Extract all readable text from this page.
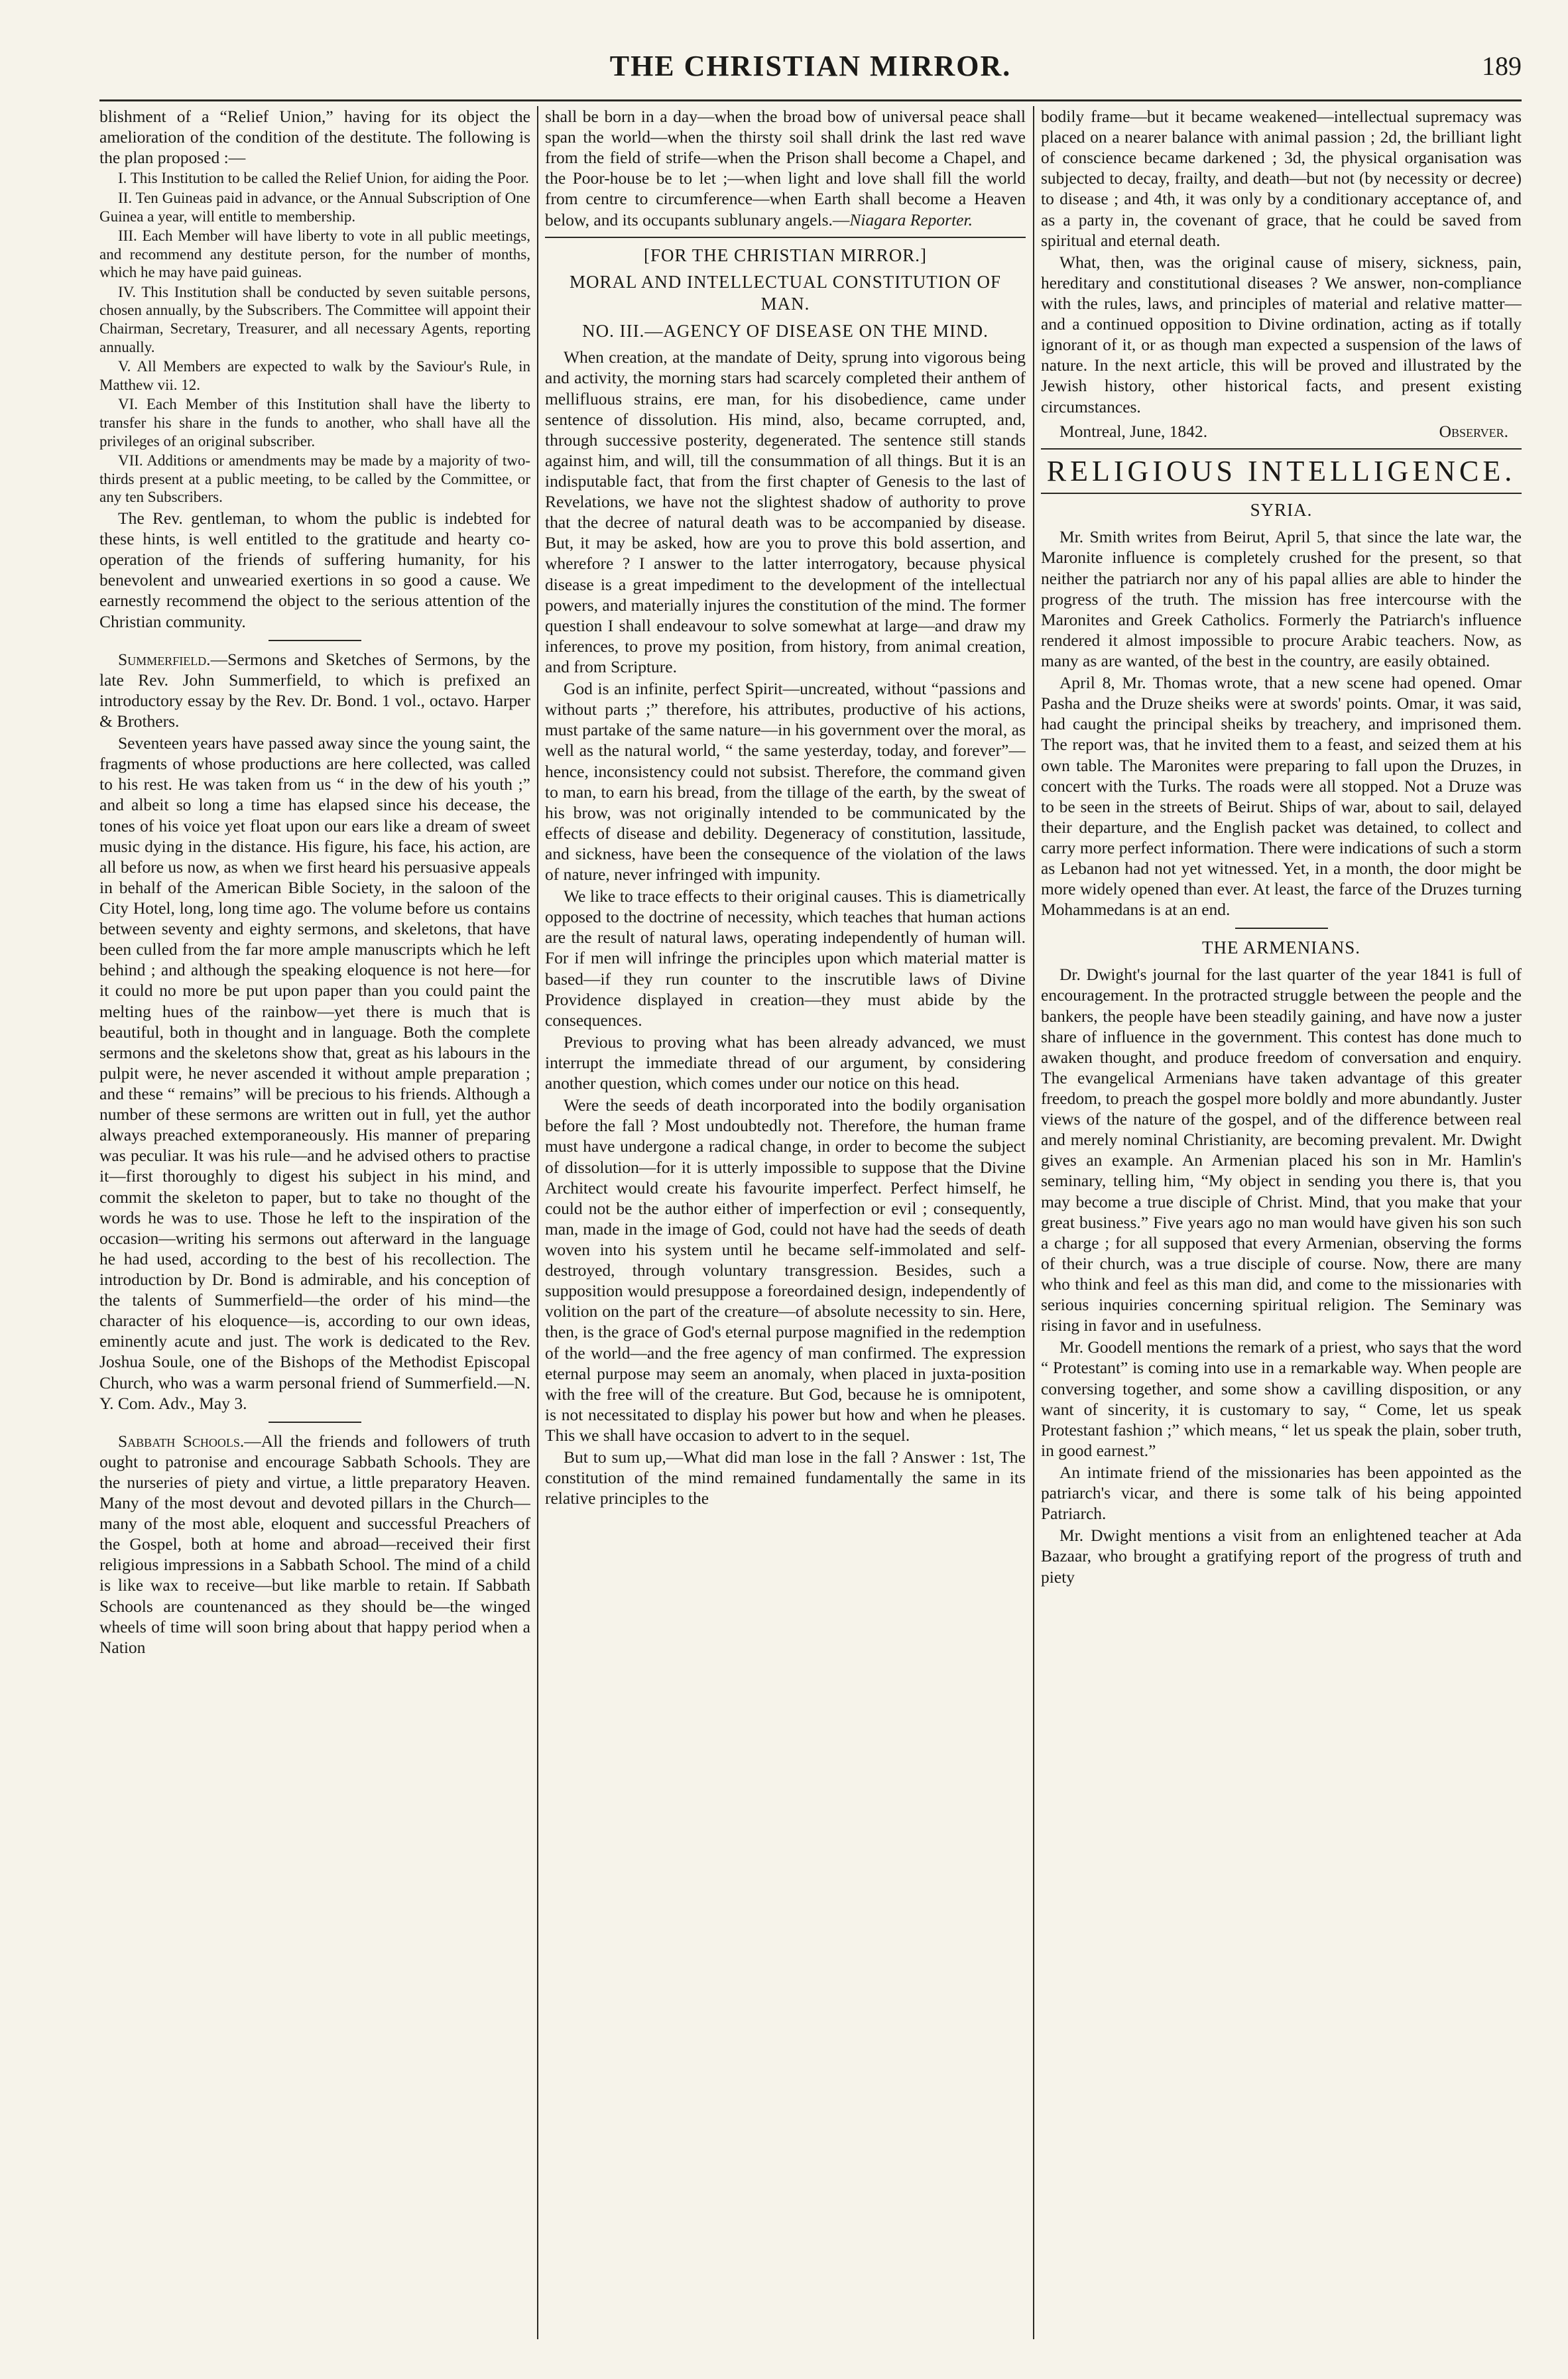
THE CHRISTIAN MIRROR.	189

blishment of a “Relief Union,” having for its object the amelioration of the condition of the destitute. The following is the plan proposed :—

I. This Institution to be called the Relief Union, for aiding the Poor.

II. Ten Guineas paid in advance, or the Annual Subscription of One Guinea a year, will entitle to membership.

III. Each Member will have liberty to vote in all public meetings, and recommend any destitute person, for the number of months, which he may have paid guineas.

IV. This Institution shall be conducted by seven suitable persons, chosen annually, by the Subscribers. The Committee will appoint their Chairman, Secretary, Treasurer, and all necessary Agents, reporting annually.

V. All Members are expected to walk by the Saviour's Rule, in Matthew vii. 12.

VI. Each Member of this Institution shall have the liberty to transfer his share in the funds to another, who shall have all the privileges of an original subscriber.

VII. Additions or amendments may be made by a majority of two-thirds present at a public meeting, to be called by the Committee, or any ten Subscribers.

The Rev. gentleman, to whom the public is indebted for these hints, is well entitled to the gratitude and hearty co-operation of the friends of suffering humanity, for his benevolent and unwearied exertions in so good a cause. We earnestly recommend the object to the serious attention of the Christian community.

Summerfield.—Sermons and Sketches of Sermons, by the late Rev. John Summerfield, to which is prefixed an introductory essay by the Rev. Dr. Bond. 1 vol., octavo. Harper & Brothers.

Seventeen years have passed away since the young saint, the fragments of whose productions are here collected, was called to his rest. He was taken from us “ in the dew of his youth ;” and albeit so long a time has elapsed since his decease, the tones of his voice yet float upon our ears like a dream of sweet music dying in the distance. His figure, his face, his action, are all before us now, as when we first heard his persuasive appeals in behalf of the American Bible Society, in the saloon of the City Hotel, long, long time ago. The volume before us contains between seventy and eighty sermons, and skeletons, that have been culled from the far more ample manuscripts which he left behind ; and although the speaking eloquence is not here—for it could no more be put upon paper than you could paint the melting hues of the rainbow—yet there is much that is beautiful, both in thought and in language. Both the complete sermons and the skeletons show that, great as his labours in the pulpit were, he never ascended it without ample preparation ; and these “ remains” will be precious to his friends. Although a number of these sermons are written out in full, yet the author always preached extemporaneously. His manner of preparing was peculiar. It was his rule—and he advised others to practise it—first thoroughly to digest his subject in his mind, and commit the skeleton to paper, but to take no thought of the words he was to use. Those he left to the inspiration of the occasion—writing his sermons out afterward in the language he had used, according to the best of his recollection. The introduction by Dr. Bond is admirable, and his conception of the talents of Summerfield—the order of his mind—the character of his eloquence—is, according to our own ideas, eminently acute and just. The work is dedicated to the Rev. Joshua Soule, one of the Bishops of the Methodist Episcopal Church, who was a warm personal friend of Summerfield.—N. Y. Com. Adv., May 3.

Sabbath Schools.—All the friends and followers of truth ought to patronise and encourage Sabbath Schools. They are the nurseries of piety and virtue, a little preparatory Heaven. Many of the most devout and devoted pillars in the Church—many of the most able, eloquent and successful Preachers of the Gospel, both at home and abroad—received their first religious impressions in a Sabbath School. The mind of a child is like wax to receive—but like marble to retain. If Sabbath Schools are countenanced as they should be—the winged wheels of time will soon bring about that happy period when a Nation

shall be born in a day—when the broad bow of universal peace shall span the world—when the thirsty soil shall drink the last red wave from the field of strife—when the Prison shall become a Chapel, and the Poor-house be to let ;—when light and love shall fill the world from centre to circumference—when Earth shall become a Heaven below, and its occupants sublunary angels.—Niagara Reporter.

[FOR THE CHRISTIAN MIRROR.]
MORAL AND INTELLECTUAL CONSTITUTION OF MAN.
NO. III.—AGENCY OF DISEASE ON THE MIND.

When creation, at the mandate of Deity, sprung into vigorous being and activity, the morning stars had scarcely completed their anthem of mellifluous strains, ere man, for his disobedience, came under sentence of dissolution. His mind, also, became corrupted, and, through successive posterity, degenerated. The sentence still stands against him, and will, till the consummation of all things. But it is an indisputable fact, that from the first chapter of Genesis to the last of Revelations, we have not the slightest shadow of authority to prove that the decree of natural death was to be accompanied by disease. But, it may be asked, how are you to prove this bold assertion, and wherefore ? I answer to the latter interrogatory, because physical disease is a great impediment to the development of the intellectual powers, and materially injures the constitution of the mind. The former question I shall endeavour to solve somewhat at large—and draw my inferences, to prove my position, from history, from animal creation, and from Scripture.

God is an infinite, perfect Spirit—uncreated, without “passions and without parts ;” therefore, his attributes, productive of his actions, must partake of the same nature—in his government over the moral, as well as the natural world, “ the same yesterday, today, and forever”—hence, inconsistency could not subsist. Therefore, the command given to man, to earn his bread, from the tillage of the earth, by the sweat of his brow, was not originally intended to be communicated by the effects of disease and debility. Degeneracy of constitution, lassitude, and sickness, have been the consequence of the violation of the laws of nature, never infringed with impunity.

We like to trace effects to their original causes. This is diametrically opposed to the doctrine of necessity, which teaches that human actions are the result of natural laws, operating independently of human will. For if men will infringe the principles upon which material matter is based—if they run counter to the inscrutible laws of Divine Providence displayed in creation—they must abide by the consequences.

Previous to proving what has been already advanced, we must interrupt the immediate thread of our argument, by considering another question, which comes under our notice on this head.

Were the seeds of death incorporated into the bodily organisation before the fall ? Most undoubtedly not. Therefore, the human frame must have undergone a radical change, in order to become the subject of dissolution—for it is utterly impossible to suppose that the Divine Architect would create his favourite imperfect. Perfect himself, he could not be the author either of imperfection or evil ; consequently, man, made in the image of God, could not have had the seeds of death woven into his system until he became self-immolated and self-destroyed, through voluntary transgression. Besides, such a supposition would presuppose a foreordained design, independently of volition on the part of the creature—of absolute necessity to sin. Here, then, is the grace of God's eternal purpose magnified in the redemption of the world—and the free agency of man confirmed. The expression eternal purpose may seem an anomaly, when placed in juxta-position with the free will of the creature. But God, because he is omnipotent, is not necessitated to display his power but how and when he pleases. This we shall have occasion to advert to in the sequel.

But to sum up,—What did man lose in the fall ? Answer : 1st, The constitution of the mind remained fundamentally the same in its relative principles to the

bodily frame—but it became weakened—intellectual supremacy was placed on a nearer balance with animal passion ; 2d, the brilliant light of conscience became darkened ; 3d, the physical organisation was subjected to decay, frailty, and death—but not (by necessity or decree) to disease ; and 4th, it was only by a conditionary acceptance of, and as a party in, the covenant of grace, that he could be saved from spiritual and eternal death.

What, then, was the original cause of misery, sickness, pain, hereditary and constitutional diseases ? We answer, non-compliance with the rules, laws, and principles of material and relative matter—and a continued opposition to Divine ordination, acting as if totally ignorant of it, or as though man expected a suspension of the laws of nature. In the next article, this will be proved and illustrated by the Jewish history, other historical facts, and present existing circumstances.

Montreal, June, 1842.	Observer.
RELIGIOUS INTELLIGENCE.
SYRIA.

Mr. Smith writes from Beirut, April 5, that since the late war, the Maronite influence is completely crushed for the present, so that neither the patriarch nor any of his papal allies are able to hinder the progress of the truth. The mission has free intercourse with the Maronites and Greek Catholics. Formerly the Patriarch's influence rendered it almost impossible to procure Arabic teachers. Now, as many as are wanted, of the best in the country, are easily obtained.

April 8, Mr. Thomas wrote, that a new scene had opened. Omar Pasha and the Druze sheiks were at swords' points. Omar, it was said, had caught the principal sheiks by treachery, and imprisoned them. The report was, that he invited them to a feast, and seized them at his own table. The Maronites were preparing to fall upon the Druzes, in concert with the Turks. The roads were all stopped. Not a Druze was to be seen in the streets of Beirut. Ships of war, about to sail, delayed their departure, and the English packet was detained, to collect and carry more perfect information. There were indications of such a storm as Lebanon had not yet witnessed. Yet, in a month, the door might be more widely opened than ever. At least, the farce of the Druzes turning Mohammedans is at an end.

THE ARMENIANS.

Dr. Dwight's journal for the last quarter of the year 1841 is full of encouragement. In the protracted struggle between the people and the bankers, the people have been steadily gaining, and have now a juster share of influence in the government. This contest has done much to awaken thought, and produce freedom of conversation and enquiry. The evangelical Armenians have taken advantage of this greater freedom, to preach the gospel more boldly and more abundantly. Juster views of the nature of the gospel, and of the difference between real and merely nominal Christianity, are becoming prevalent. Mr. Dwight gives an example. An Armenian placed his son in Mr. Hamlin's seminary, telling him, “My object in sending you there is, that you may become a true disciple of Christ. Mind, that you make that your great business.” Five years ago no man would have given his son such a charge ; for all supposed that every Armenian, observing the forms of their church, was a true disciple of course. Now, there are many who think and feel as this man did, and come to the missionaries with serious inquiries concerning spiritual religion. The Seminary was rising in favor and in usefulness.

Mr. Goodell mentions the remark of a priest, who says that the word “ Protestant” is coming into use in a remarkable way. When people are conversing together, and some show a cavilling disposition, or any want of sincerity, it is customary to say, “ Come, let us speak Protestant fashion ;” which means, “ let us speak the plain, sober truth, in good earnest.”

An intimate friend of the missionaries has been appointed as the patriarch's vicar, and there is some talk of his being appointed Patriarch.

Mr. Dwight mentions a visit from an enlightened teacher at Ada Bazaar, who brought a gratifying report of the progress of truth and piety
